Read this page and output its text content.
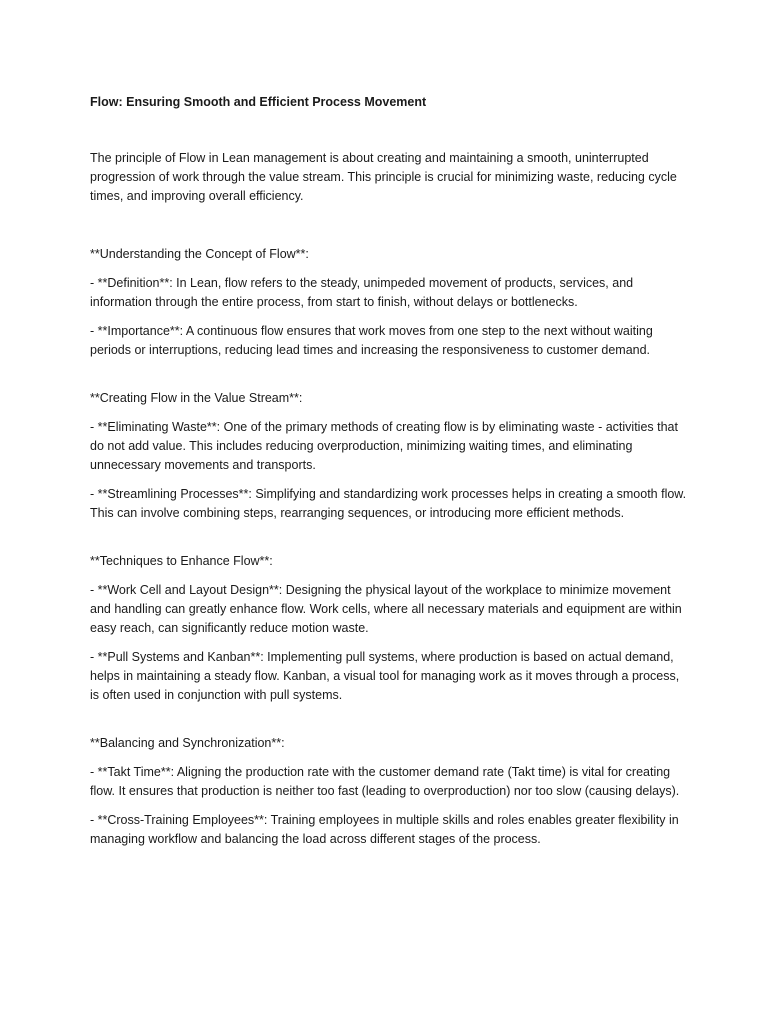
Flow: Ensuring Smooth and Efficient Process Movement

The principle of Flow in Lean management is about creating and maintaining a smooth, uninterrupted progression of work through the value stream. This principle is crucial for minimizing waste, reducing cycle times, and improving overall efficiency.

**Understanding the Concept of Flow**:

- **Definition**: In Lean, flow refers to the steady, unimpeded movement of products, services, and information through the entire process, from start to finish, without delays or bottlenecks.

- **Importance**: A continuous flow ensures that work moves from one step to the next without waiting periods or interruptions, reducing lead times and increasing the responsiveness to customer demand.

**Creating Flow in the Value Stream**:

- **Eliminating Waste**: One of the primary methods of creating flow is by eliminating waste - activities that do not add value. This includes reducing overproduction, minimizing waiting times, and eliminating unnecessary movements and transports.

- **Streamlining Processes**: Simplifying and standardizing work processes helps in creating a smooth flow. This can involve combining steps, rearranging sequences, or introducing more efficient methods.

**Techniques to Enhance Flow**:

- **Work Cell and Layout Design**: Designing the physical layout of the workplace to minimize movement and handling can greatly enhance flow. Work cells, where all necessary materials and equipment are within easy reach, can significantly reduce motion waste.

- **Pull Systems and Kanban**: Implementing pull systems, where production is based on actual demand, helps in maintaining a steady flow. Kanban, a visual tool for managing work as it moves through a process, is often used in conjunction with pull systems.

**Balancing and Synchronization**:

- **Takt Time**: Aligning the production rate with the customer demand rate (Takt time) is vital for creating flow. It ensures that production is neither too fast (leading to overproduction) nor too slow (causing delays).

- **Cross-Training Employees**: Training employees in multiple skills and roles enables greater flexibility in managing workflow and balancing the load across different stages of the process.
